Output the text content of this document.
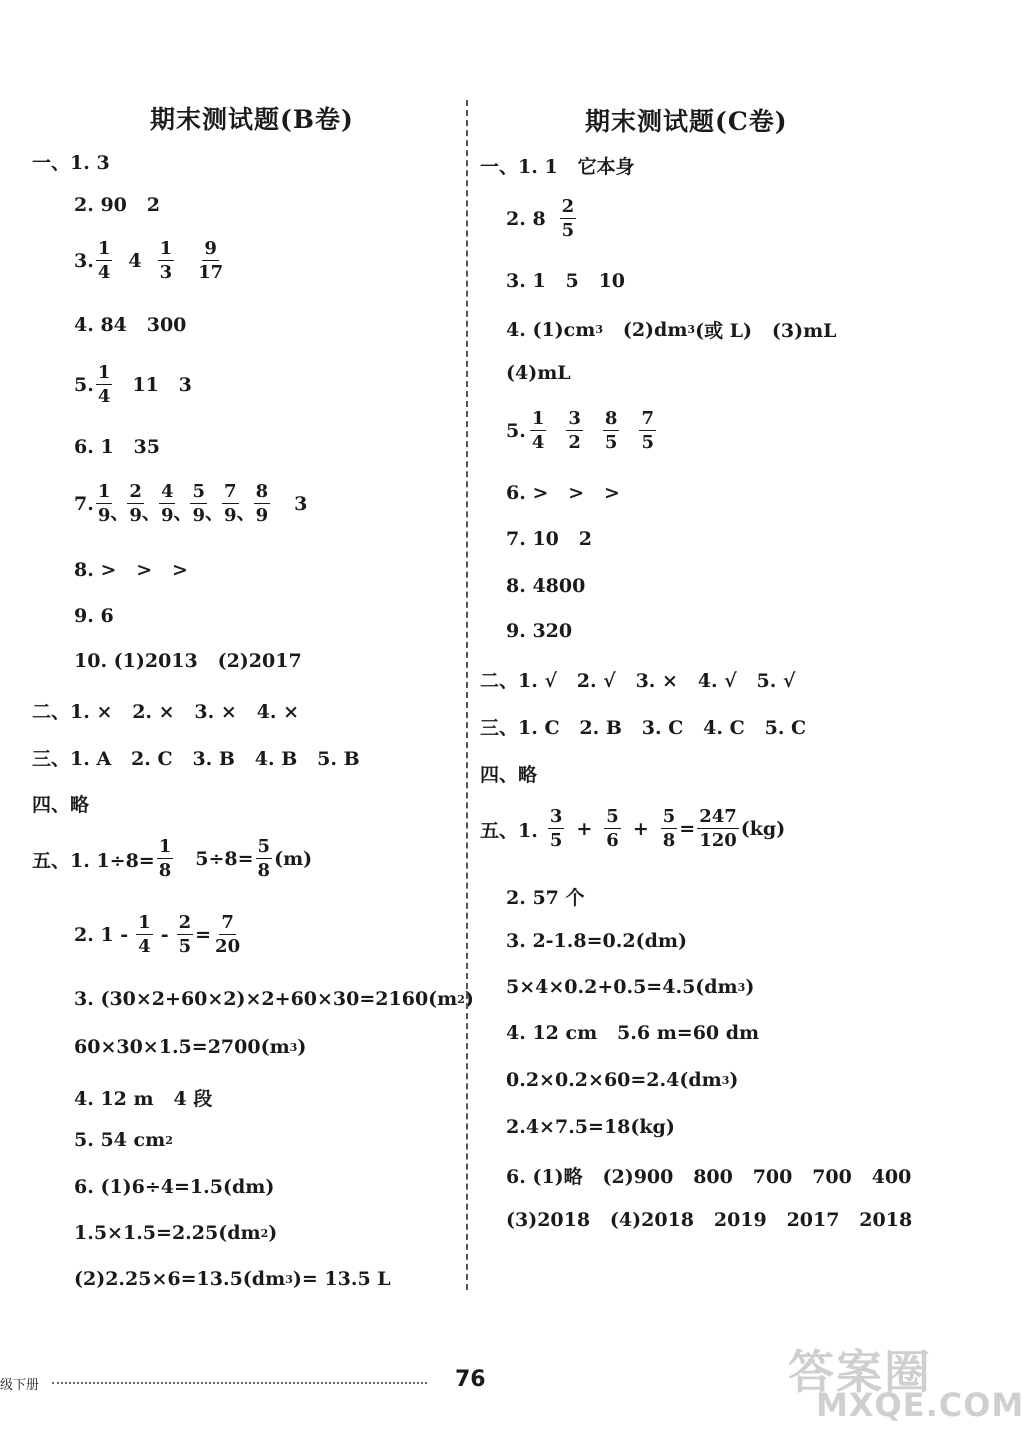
期末测试题(B卷)
一、1. 3
2. 90   2
3.
1
4
4
1
3
9
17
4. 84   300
5.
1
4
11   3
6. 1   35
7.
1
9 、
2
9 、
4
9 、
5
9 、
7
9 、
8
9
3
8. >   >   >
9. 6
10. (1)2013   (2)2017
二、1. ×   2. ×   3. ×   4. ×
三、1. A   2. C   3. B   4. B   5. B
四、略
五、1. $1\div 8= \frac{1}{8} 5\div 8= \frac{5}{8} (m)$
2. 1 -
1
4
- $\frac{2}{5} = \frac{7}{20}$
3. (30×2+60×2)×2+60×30=2160(m 2 )
60×30×1.5=2700(m 3 )
4. 12 m   4 段
5. 54 cm 2
6. (1)6÷4=1.5(dm)
1.5×1.5=2.25(dm 2 )
(2)2.25×6=13.5(dm 3 )= 13.5 L
期末测试题(C卷)
一、1. 1   它本身
2. 8
2
5
3. 1   5   10
4. (1)cm 3 (2)dm 3 (或 L)   (3)mL
(4)mL
5.
1
4
3
2
8
5
7
5
6. >   >   >
7. 10   2
8. 4800
9. 320
二、1. √   2. √   3. ×   4. √   5. √
三、1. C   2. B   3. C   4. C   5. C
四、略
五、1.
3
5
+ $\frac{5}{6} + \frac{5}{8} = \frac{247}{120} (kg)$
2. 57 个
3. 2-1.8=0.2(dm)
5×4×0.2+0.5=4.5(dm 3 )
4. 12 cm   5.6 m=60 dm
0.2×0.2×60=2.4(dm 3 )
2.4×7.5=18(kg)
6. (1)略   (2)900   800   700   700   400
(3)2018   (4)2018   2019   2017   2018
级下册	76	答案圈
MXQE.COM
